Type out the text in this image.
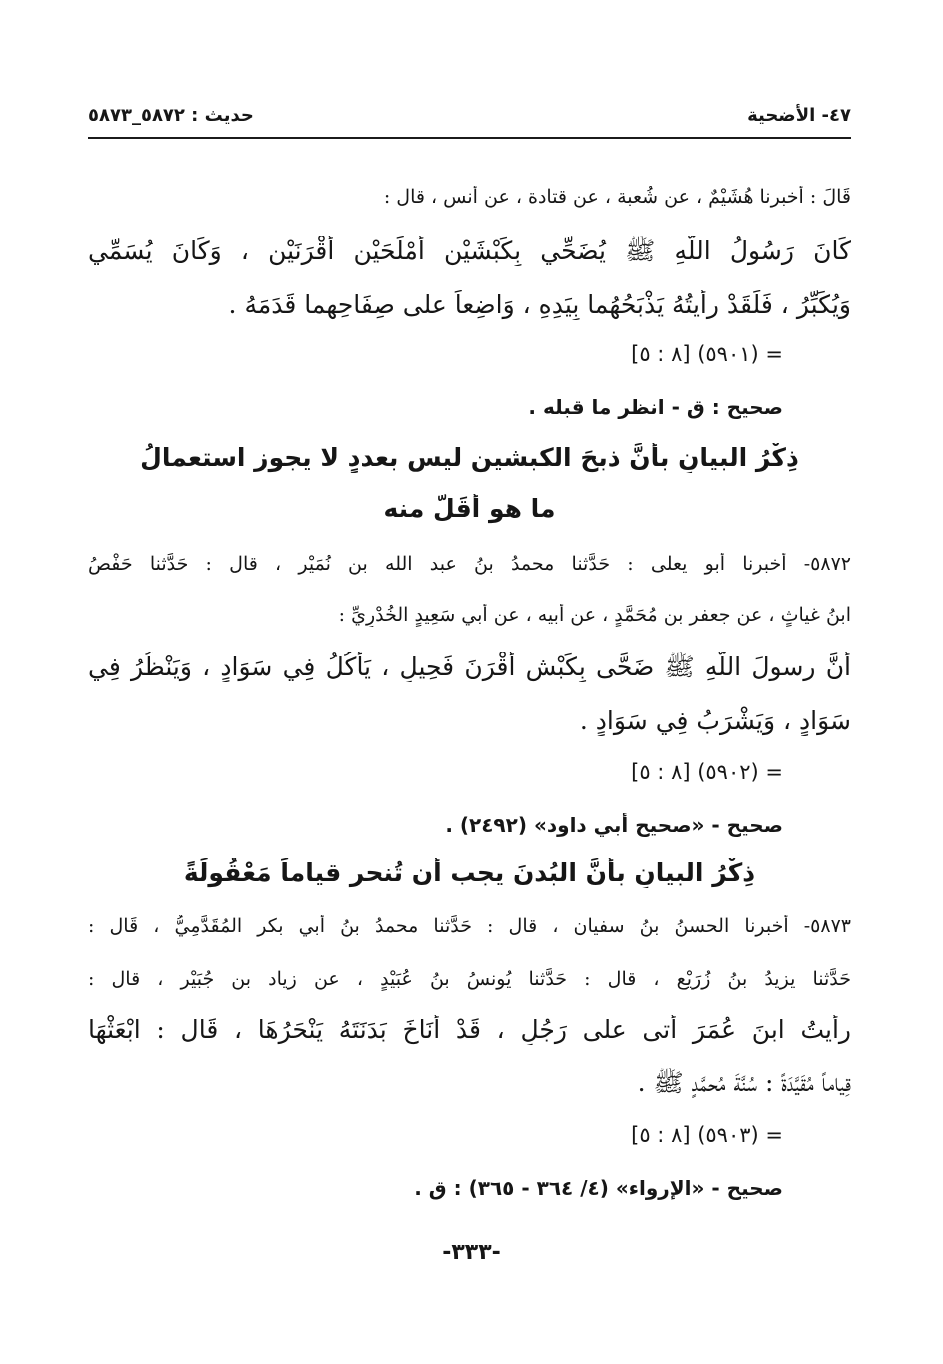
٤٧- الأضحية
حديث : ٥٨٧٢_٥٨٧٣
قَالَ : أخبرنا هُشَيْمٌ ، عن شُعبة ، عن قتادة ، عن أنس ، قال :
كَانَ رَسُولُ اللَّهِ ﷺ يُضَحِّي بِكَبْشَيْنِ أَمْلَحَيْنِ أَقْرَنَيْنِ ، وَكَانَ يُسَمِّي
وَيُكَبِّرُ ، فَلَقَدْ رأيتُهُ يَذْبَحُهُما بِيَدِهِ ، وَاضِعاً على صِفَاحِهما قَدَمَهُ .
= (٥٩٠١) [٨ : ٥]
صحيح : ق - انظر ما قبله .
ذِكْرُ البيانِ بأنَّ ذبحَ الكبشين ليس بعددٍ لا يجوز استعمالُ
ما هو أَقَلُّ منه
٥٨٧٢- أخبرنا أبو يعلى : حَدَّثنا محمدُ بنُ عبد الله بن نُمَيْر ، قال : حَدَّثنا حَفْصُ
ابنُ غياثٍ ، عن جعفر بن مُحَمَّدٍ ، عن أبيه ، عن أبي سَعِيدٍ الخُدْرِيِّ :
أَنَّ رسولَ اللَّهِ ﷺ ضَحَّى بِكَبْشٍ أَقْرَنَ فَحِيلٍ ، يَأْكُلُ فِي سَوَادٍ ، وَيَنْظُرُ فِي
سَوَادٍ ، وَيَشْرَبُ فِي سَوَادٍ .
= (٥٩٠٢) [٨ : ٥]
صحيح - «صحيح أبي داود» (٢٤٩٢) .
ذِكْرُ البيانِ بأنَّ البُدنَ يجب أن تُنحر قياماً مَعْقُولَةً
٥٨٧٣- أخبرنا الحسنُ بنُ سفيان ، قال : حَدَّثنا محمدُ بنُ أبي بكر المُقَدَّمِيُّ ، قَال :
حَدَّثنا يزيدُ بنُ زُرَيْع ، قال : حَدَّثنا يُونسُ بنُ عُبَيْدٍ ، عن زياد بن جُبَيْر ، قال :
رأيتُ ابنَ عُمَرَ أتى على رَجُلٍ ، قَدْ أَنَاخَ بَدَنَتَهُ يَنْحَرُهَا ، قَال : ابْعَثْهَا
قِياماً مُقَيَّدَةً : سُنَّةَ مُحمَّدٍ ﷺ .
= (٥٩٠٣) [٨ : ٥]
صحيح - «الإرواء» (٤/ ٣٦٤ - ٣٦٥) : ق .
-٣٣٣-
